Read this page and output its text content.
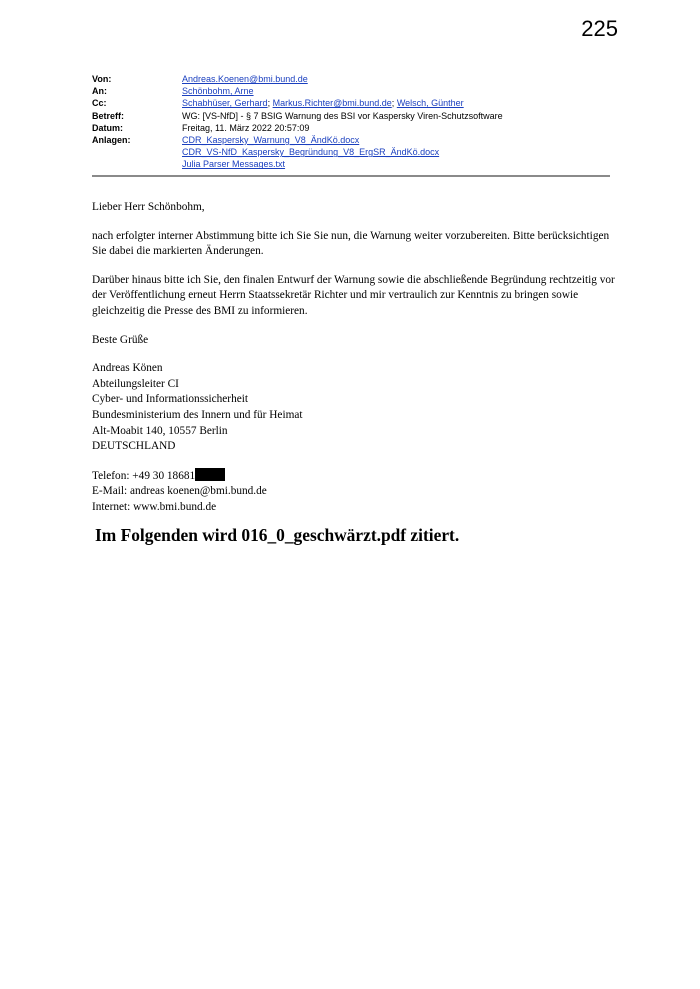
225
Von:	Andreas.Koenen@bmi.bund.de
An:	Schönbohm, Arne
Cc:	Schabhüser, Gerhard; Markus.Richter@bmi.bund.de; Welsch, Günther
Betreff:	WG: [VS-NfD] - § 7 BSIG Warnung des BSI vor Kaspersky Viren-Schutzsoftware
Datum:	Freitag, 11. März 2022 20:57:09
Anlagen:	CDR_Kaspersky_Warnung_V8_ÄndKö.docx
CDR_VS-NfD_Kaspersky_Begründung_V8_ErgSR_ÄndKö.docx
Julia Parser Messages.txt

Lieber Herr Schönbohm,

nach erfolgter interner Abstimmung bitte ich Sie Sie nun, die Warnung weiter vorzubereiten. Bitte berücksichtigen Sie dabei die markierten Änderungen.

Darüber hinaus bitte ich Sie, den finalen Entwurf der Warnung sowie die abschließende Begründung rechtzeitig vor der Veröffentlichung erneut Herrn Staatssekretär Richter und mir vertraulich zur Kenntnis zu bringen sowie gleichzeitig die Presse des BMI zu informieren.

Beste Grüße

Andreas Könen
Abteilungsleiter CI
Cyber- und Informationssicherheit
Bundesministerium des Innern und für Heimat
Alt-Moabit 140, 10557 Berlin
DEUTSCHLAND
Telefon: +49 30 18681
E-Mail: andreas koenen@bmi.bund.de
Internet: www.bmi.bund.de
Im Folgenden wird 016_0_geschwärzt.pdf zitiert.
